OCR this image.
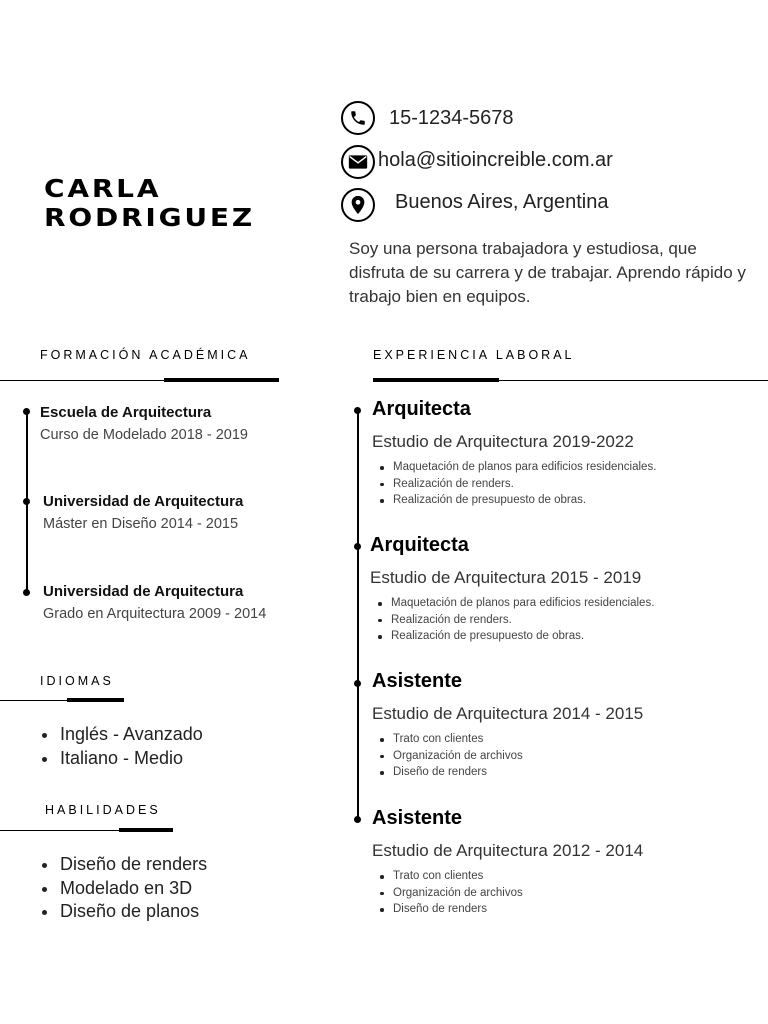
CARLA
RODRIGUEZ
15-1234-5678
hola@sitioincreible.com.ar
Buenos Aires, Argentina
Soy una persona trabajadora y estudiosa, que disfruta de su carrera y de trabajar. Aprendo rápido y trabajo bien en equipos.
FORMACIÓN ACADÉMICA
Escuela de Arquitectura
Curso de Modelado 2018 - 2019
Universidad de Arquitectura
Máster en Diseño 2014 - 2015
Universidad de Arquitectura
Grado en Arquitectura 2009 - 2014
IDIOMAS
Inglés - Avanzado
Italiano - Medio
HABILIDADES
Diseño de renders
Modelado en 3D
Diseño de planos
EXPERIENCIA LABORAL
Arquitecta
Estudio de Arquitectura 2019-2022
Maquetación de planos para edificios residenciales.
Realización de renders.
Realización de presupuesto de obras.
Arquitecta
Estudio de Arquitectura 2015 - 2019
Maquetación de planos para edificios residenciales.
Realización de renders.
Realización de presupuesto de obras.
Asistente
Estudio de Arquitectura 2014 - 2015
Trato con clientes
Organización de archivos
Diseño de renders
Asistente
Estudio de Arquitectura 2012 - 2014
Trato con clientes
Organización de archivos
Diseño de renders
